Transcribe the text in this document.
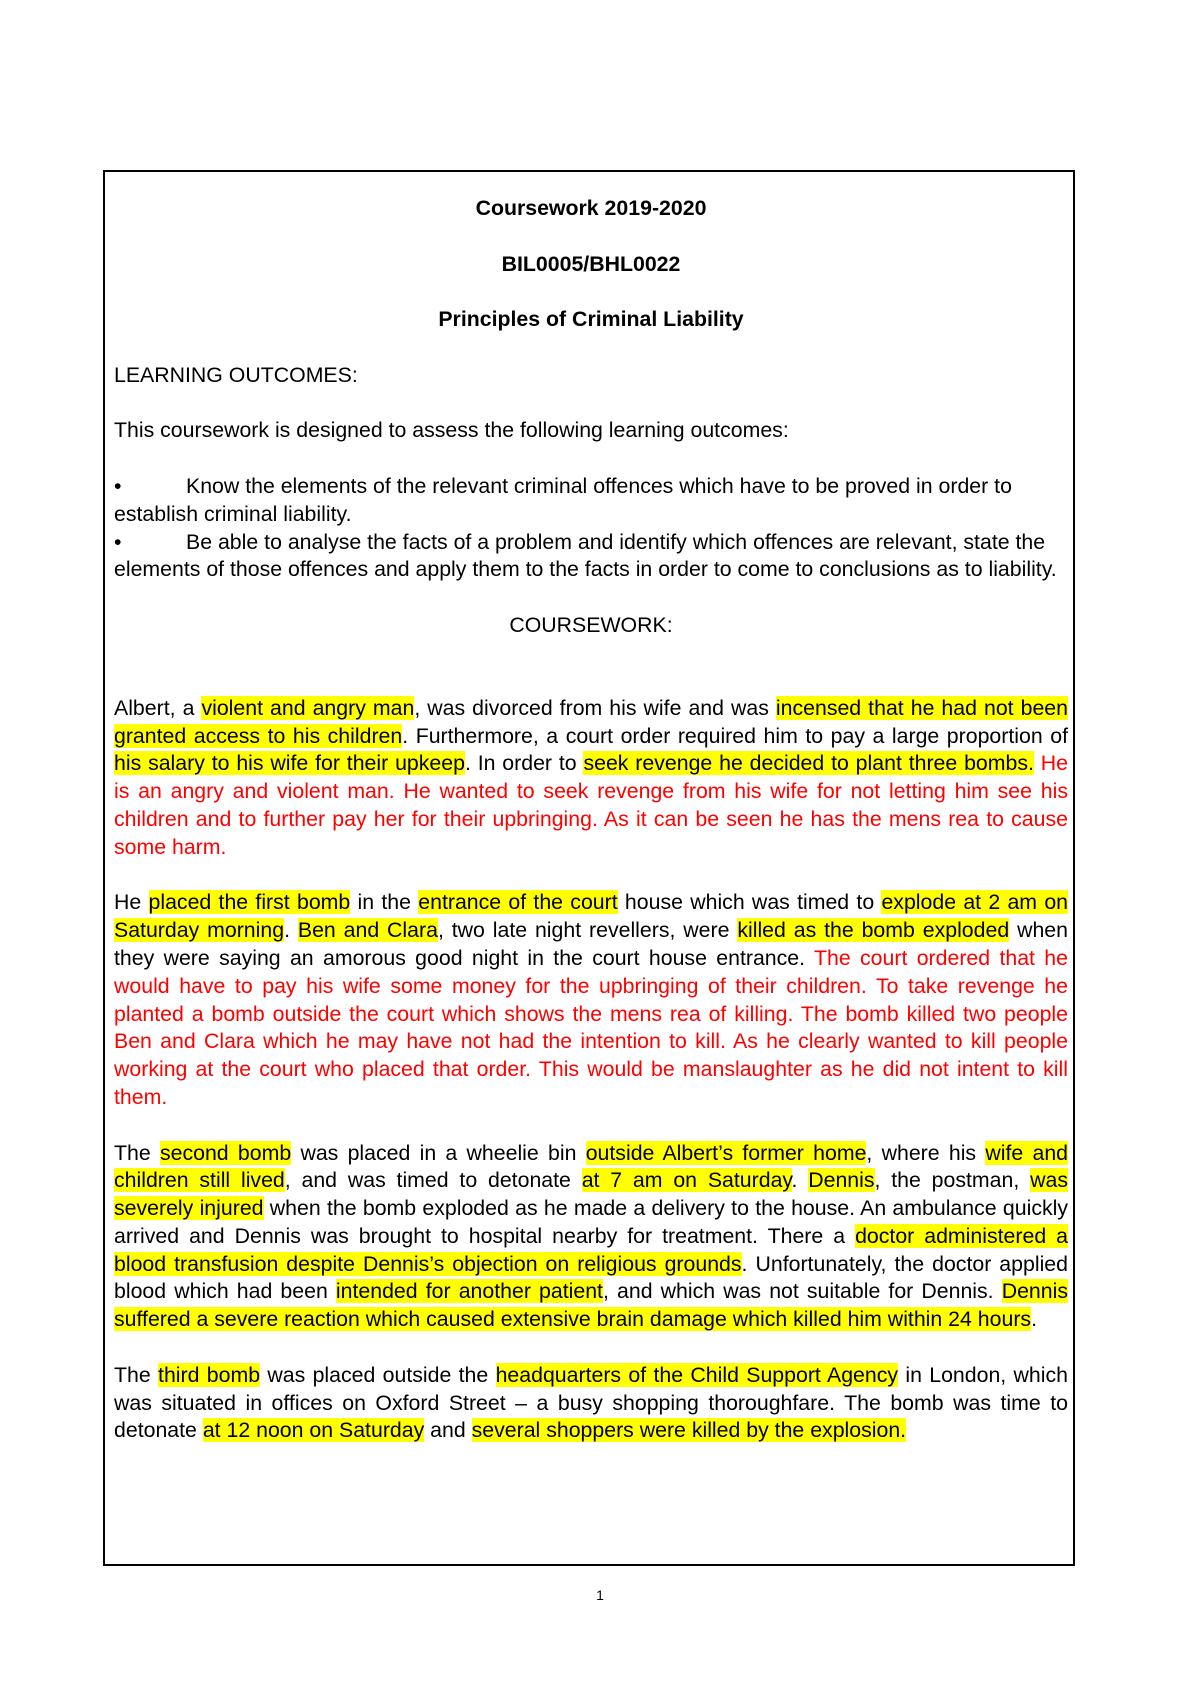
Coursework 2019-2020

BIL0005/BHL0022

Principles of Criminal Liability

LEARNING OUTCOMES:

This coursework is designed to assess the following learning outcomes:

•	Know the elements of the relevant criminal offences which have to be proved in order to establish criminal liability.

•	Be able to analyse the facts of a problem and identify which offences are relevant, state the elements of those offences and apply them to the facts in order to come to conclusions as to liability.

COURSEWORK:

Albert, a violent and angry man, was divorced from his wife and was incensed that he had not been granted access to his children. Furthermore, a court order required him to pay a large proportion of his salary to his wife for their upkeep. In order to seek revenge he decided to plant three bombs. He is an angry and violent man. He wanted to seek revenge from his wife for not letting him see his children and to further pay her for their upbringing. As it can be seen he has the mens rea to cause some harm.

He placed the first bomb in the entrance of the court house which was timed to explode at 2 am on Saturday morning. Ben and Clara, two late night revellers, were killed as the bomb exploded when they were saying an amorous good night in the court house entrance. The court ordered that he would have to pay his wife some money for the upbringing of their children. To take revenge he planted a bomb outside the court which shows the mens rea of killing. The bomb killed two people Ben and Clara which he may have not had the intention to kill. As he clearly wanted to kill people working at the court who placed that order. This would be manslaughter as he did not intent to kill them.

The second bomb was placed in a wheelie bin outside Albert’s former home, where his wife and children still lived, and was timed to detonate at 7 am on Saturday. Dennis, the postman, was severely injured when the bomb exploded as he made a delivery to the house. An ambulance quickly arrived and Dennis was brought to hospital nearby for treatment. There a doctor administered a blood transfusion despite Dennis’s objection on religious grounds. Unfortunately, the doctor applied blood which had been intended for another patient, and which was not suitable for Dennis. Dennis suffered a severe reaction which caused extensive brain damage which killed him within 24 hours.

The third bomb was placed outside the headquarters of the Child Support Agency in London, which was situated in offices on Oxford Street – a busy shopping thoroughfare. The bomb was time to detonate at 12 noon on Saturday and several shoppers were killed by the explosion.

1
